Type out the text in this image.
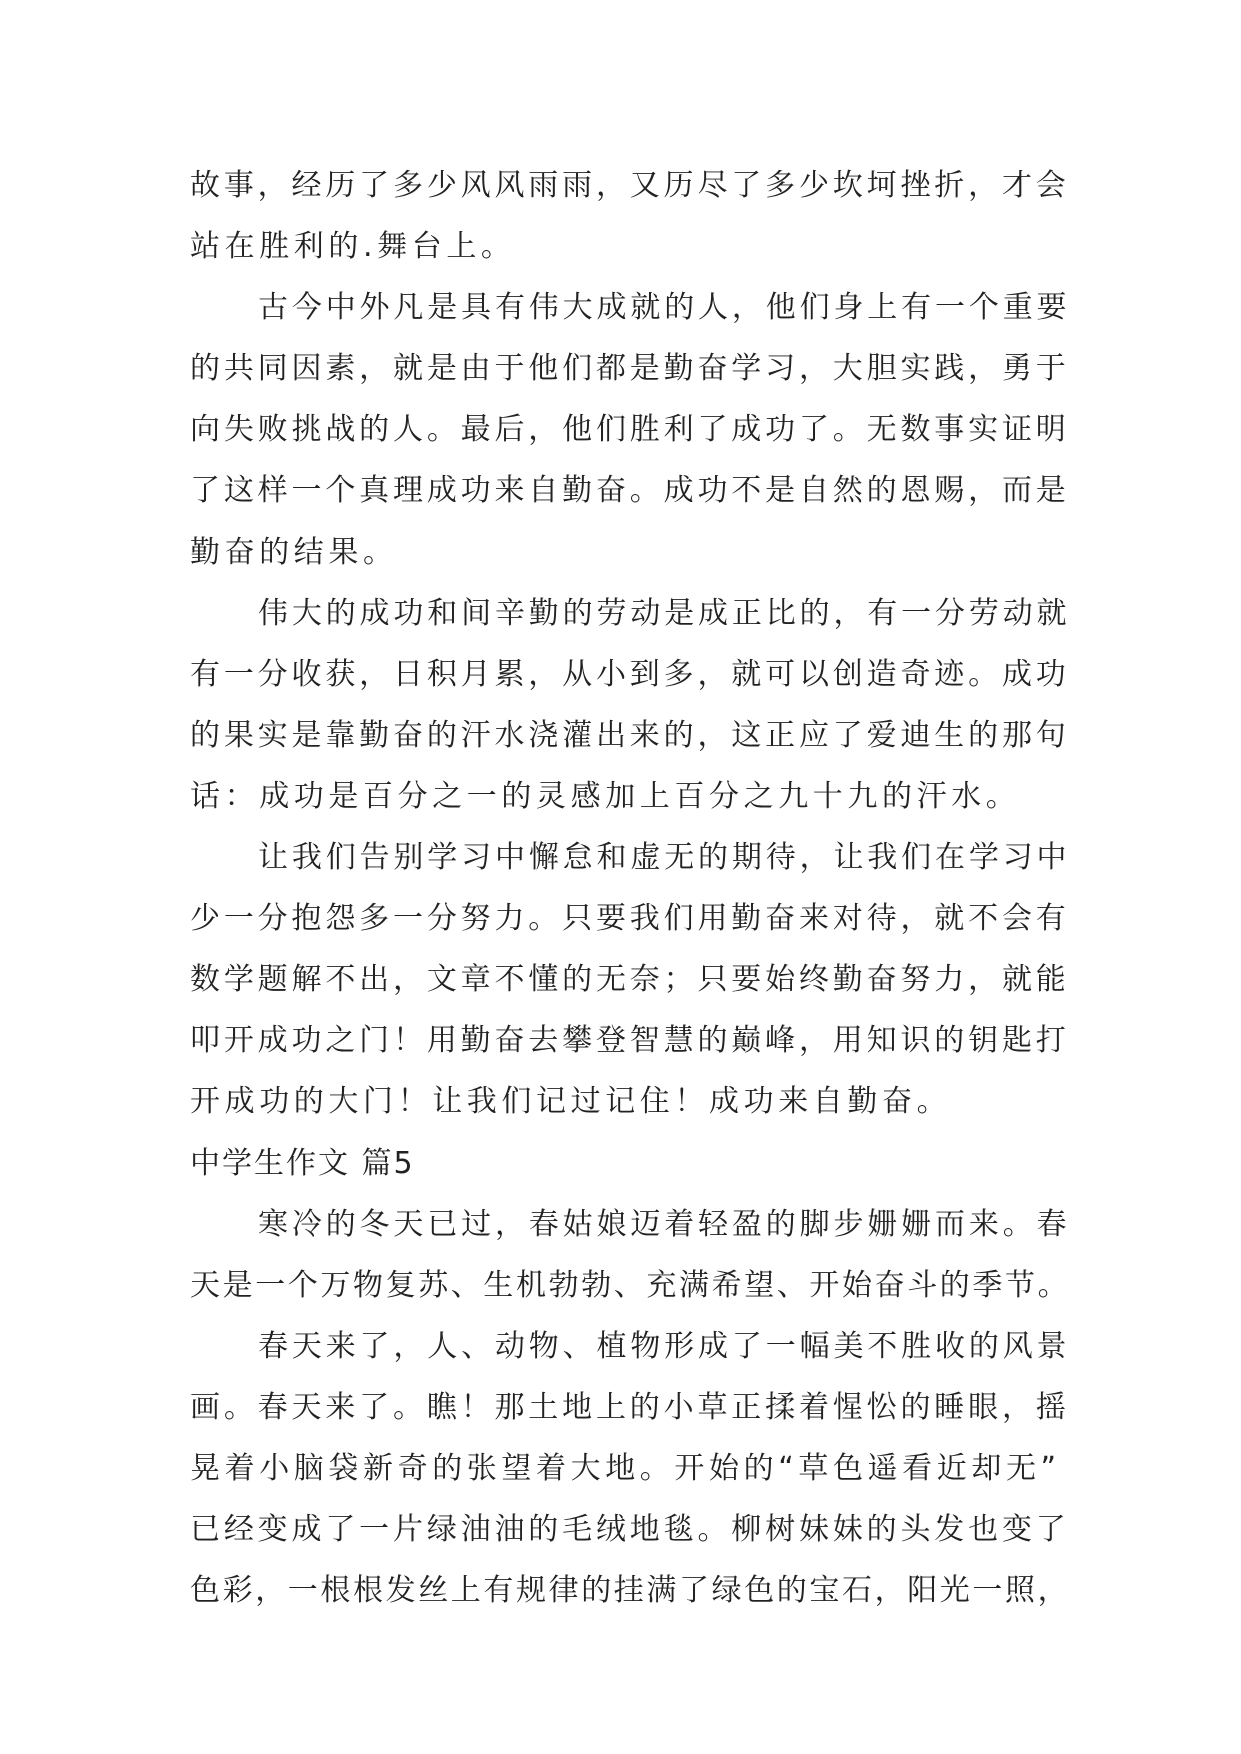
故事，经历了多少风风雨雨，又历尽了多少坎坷挫折，才会
站在胜利的.舞台上。
古今中外凡是具有伟大成就的人，他们身上有一个重要
的共同因素，就是由于他们都是勤奋学习，大胆实践，勇于
向失败挑战的人。最后，他们胜利了成功了。无数事实证明
了这样一个真理成功来自勤奋。成功不是自然的恩赐，而是
勤奋的结果。
伟大的成功和间辛勤的劳动是成正比的，有一分劳动就
有一分收获，日积月累，从小到多，就可以创造奇迹。成功
的果实是靠勤奋的汗水浇灌出来的，这正应了爱迪生的那句
话：成功是百分之一的灵感加上百分之九十九的汗水。
让我们告别学习中懈怠和虚无的期待，让我们在学习中
少一分抱怨多一分努力。只要我们用勤奋来对待，就不会有
数学题解不出，文章不懂的无奈；只要始终勤奋努力，就能
叩开成功之门！用勤奋去攀登智慧的巅峰，用知识的钥匙打
开成功的大门！让我们记过记住！成功来自勤奋。
中学生作文 篇5
寒冷的冬天已过，春姑娘迈着轻盈的脚步姗姗而来。春
天是一个万物复苏、生机勃勃、充满希望、开始奋斗的季节。
春天来了，人、动物、植物形成了一幅美不胜收的风景
画。春天来了。瞧！那土地上的小草正揉着惺忪的睡眼，摇
晃着小脑袋新奇的张望着大地。开始的“草色遥看近却无”
已经变成了一片绿油油的毛绒地毯。柳树妹妹的头发也变了
色彩，一根根发丝上有规律的挂满了绿色的宝石，阳光一照，
